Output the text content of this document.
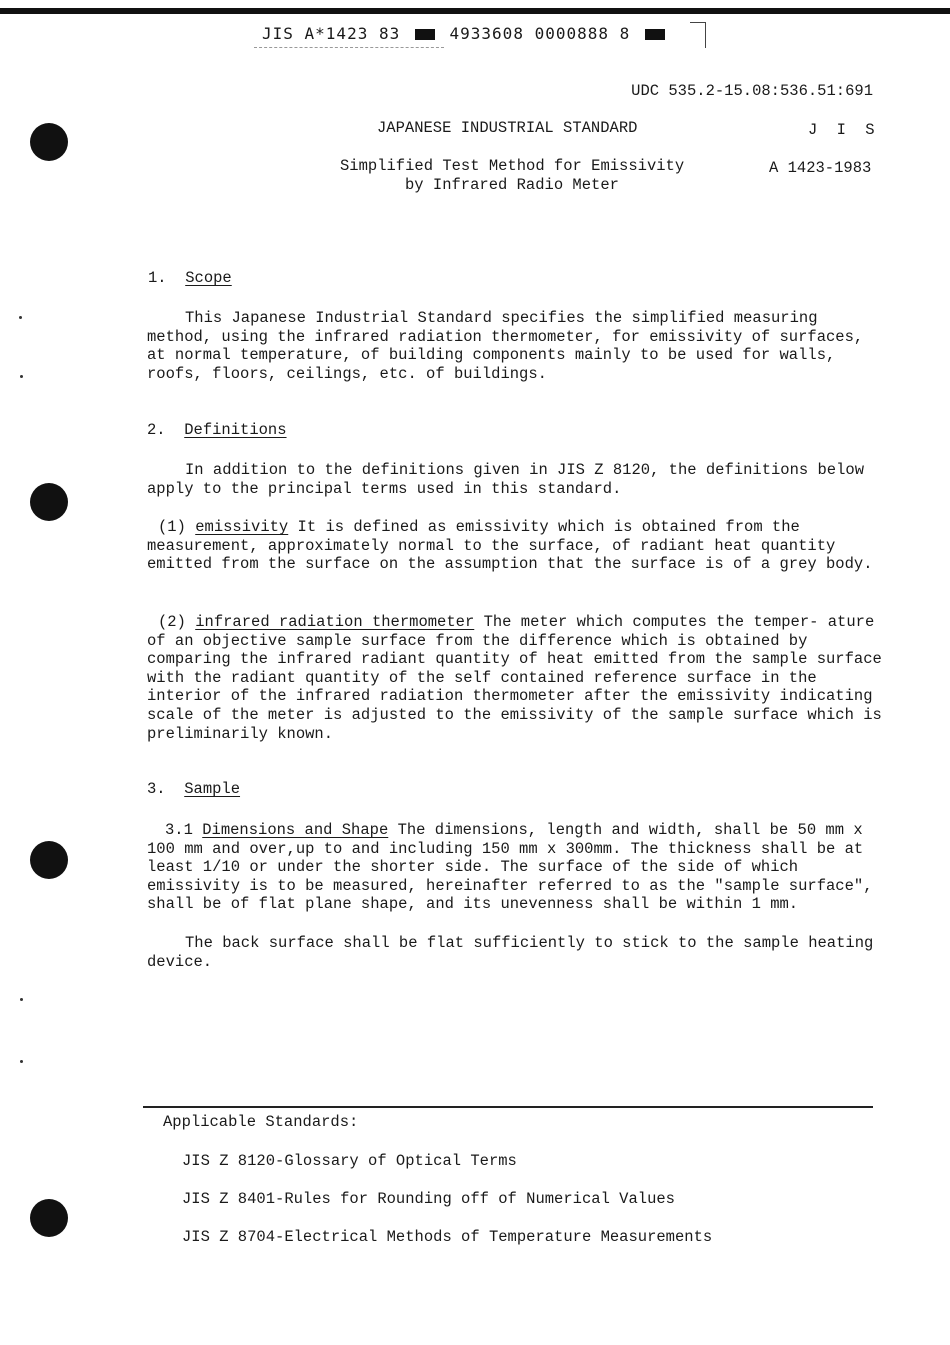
JIS A*1423 83	4933608 0000888 8
UDC 535.2-15.08:536.51:691
JAPANESE INDUSTRIAL STANDARD	J I S
Simplified Test Method for Emissivity
by Infrared Radio Meter
A 1423-1983
1. Scope
This Japanese Industrial Standard specifies the simplified measuring method, using the infrared radiation thermometer, for emissivity of surfaces, at normal temperature, of building components mainly to be used for walls, roofs, floors, ceilings, etc. of buildings.
2. Definitions
In addition to the definitions given in JIS Z 8120, the definitions below apply to the principal terms used in this standard.
(1) emissivity It is defined as emissivity which is obtained from the measurement, approximately normal to the surface, of radiant heat quantity emitted from the surface on the assumption that the surface is of a grey body.
(2) infrared radiation thermometer The meter which computes the temper- ature of an objective sample surface from the difference which is obtained by comparing the infrared radiant quantity of heat emitted from the sample surface with the radiant quantity of the self contained reference surface in the interior of the infrared radiation thermometer after the emissivity indicating scale of the meter is adjusted to the emissivity of the sample surface which is preliminarily known.
3. Sample
3.1 Dimensions and Shape The dimensions, length and width, shall be 50 mm x 100 mm and over,up to and including 150 mm x 300mm. The thickness shall be at least 1/10 or under the shorter side. The surface of the side of which emissivity is to be measured, hereinafter referred to as the "sample surface", shall be of flat plane shape, and its unevenness shall be within 1 mm.
The back surface shall be flat sufficiently to stick to the sample heating device.
Applicable Standards:
JIS Z 8120-Glossary of Optical Terms
JIS Z 8401-Rules for Rounding off of Numerical Values
JIS Z 8704-Electrical Methods of Temperature Measurements
